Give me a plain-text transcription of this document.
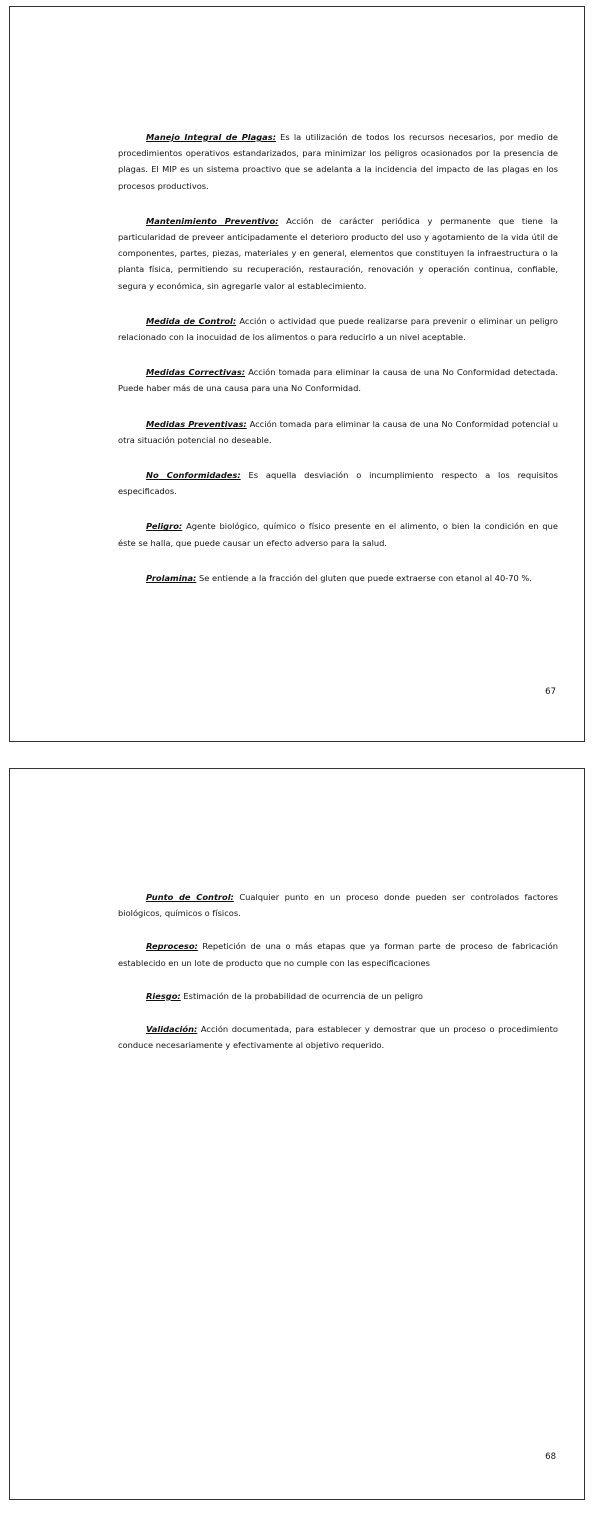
Manejo Integral de Plagas: Es la utilización de todos los recursos necesarios, por medio de procedimientos operativos estandarizados, para minimizar los peligros ocasionados por la presencia de plagas. El MIP es un sistema proactivo que se adelanta a la incidencia del impacto de las plagas en los procesos productivos.

Mantenimiento Preventivo: Acción de carácter periódica y permanente que tiene la particularidad de preveer anticipadamente el deterioro producto del uso y agotamiento de la vida útil de componentes, partes, piezas, materiales y en general, elementos que constituyen la infraestructura o la planta física, permitiendo su recuperación, restauración, renovación y operación continua, confiable, segura y económica, sin agregarle valor al establecimiento.

Medida de Control: Acción o actividad que puede realizarse para prevenir o eliminar un peligro relacionado con la inocuidad de los alimentos o para reducirlo a un nivel aceptable.

Medidas Correctivas: Acción tomada para eliminar la causa de una No Conformidad detectada. Puede haber más de una causa para una No Conformidad.

Medidas Preventivas: Acción tomada para eliminar la causa de una No Conformidad potencial u otra situación potencial no deseable.

No Conformidades: Es aquella desviación o incumplimiento respecto a los requisitos especificados.

Peligro: Agente biológico, químico o físico presente en el alimento, o bien la condición en que éste se halla, que puede causar un efecto adverso para la salud.

Prolamina: Se entiende a la fracción del gluten que puede extraerse con etanol al 40-70 %.

67

Punto de Control: Cualquier punto en un proceso donde pueden ser controlados factores biológicos, químicos o físicos.

Reproceso: Repetición de una o más etapas que ya forman parte de proceso de fabricación establecido en un lote de producto que no cumple con las especificaciones

Riesgo: Estimación de la probabilidad de ocurrencia de un peligro

Validación: Acción documentada, para establecer y demostrar que un proceso o procedimiento conduce necesariamente y efectivamente al objetivo requerido.

68
